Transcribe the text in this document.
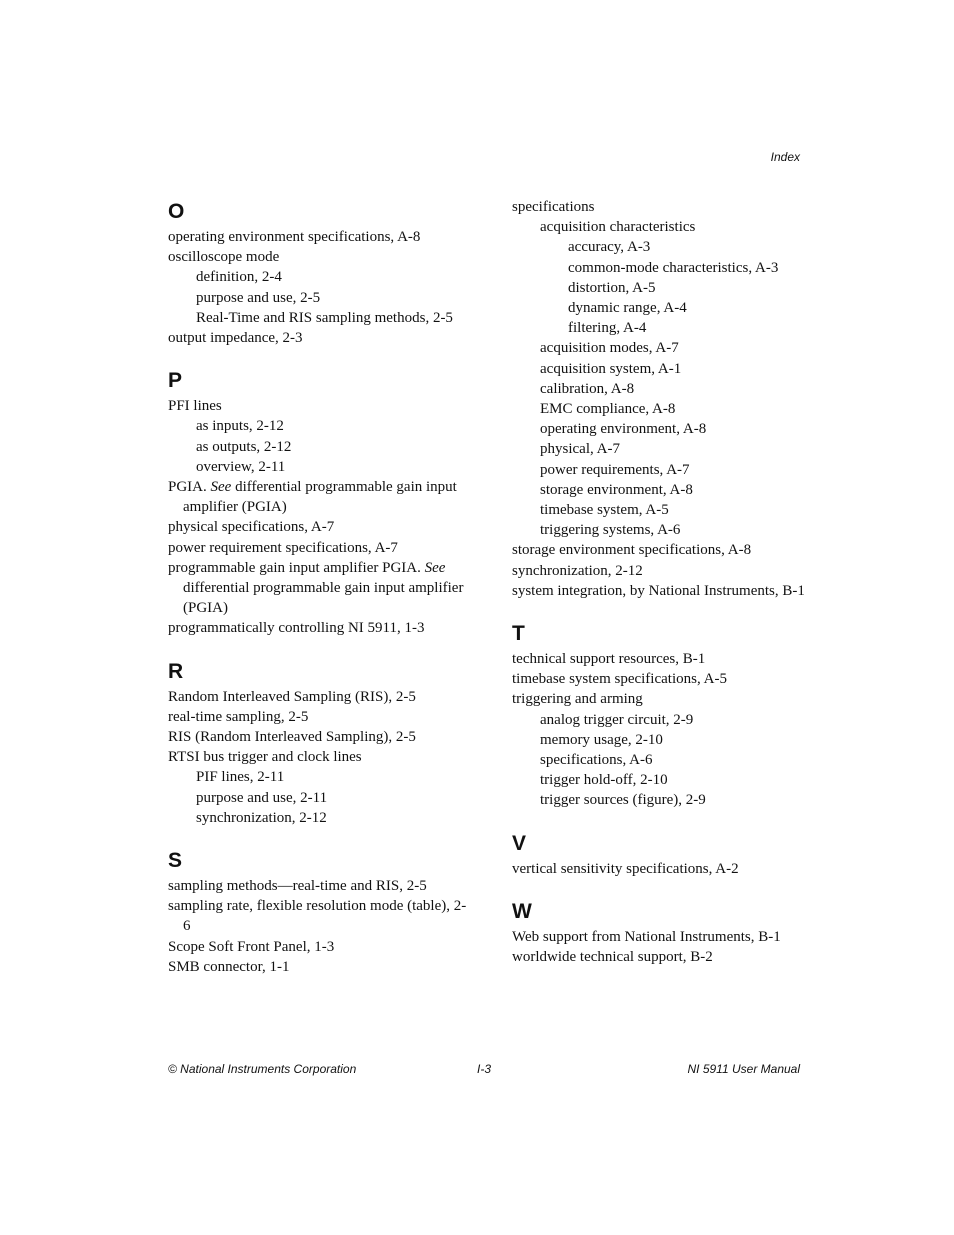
Index
O
operating environment specifications, A-8
oscilloscope mode
definition, 2-4
purpose and use, 2-5
Real-Time and RIS sampling methods, 2-5
output impedance, 2-3
P
PFI lines
as inputs, 2-12
as outputs, 2-12
overview, 2-11
PGIA. See differential programmable gain input amplifier (PGIA)
physical specifications, A-7
power requirement specifications, A-7
programmable gain input amplifier PGIA. See differential programmable gain input amplifier (PGIA)
programmatically controlling NI 5911, 1-3
R
Random Interleaved Sampling (RIS), 2-5
real-time sampling, 2-5
RIS (Random Interleaved Sampling), 2-5
RTSI bus trigger and clock lines
PIF lines, 2-11
purpose and use, 2-11
synchronization, 2-12
S
sampling methods—real-time and RIS, 2-5
sampling rate, flexible resolution mode (table), 2-6
Scope Soft Front Panel, 1-3
SMB connector, 1-1
specifications
acquisition characteristics
accuracy, A-3
common-mode characteristics, A-3
distortion, A-5
dynamic range, A-4
filtering, A-4
acquisition modes, A-7
acquisition system, A-1
calibration, A-8
EMC compliance, A-8
operating environment, A-8
physical, A-7
power requirements, A-7
storage environment, A-8
timebase system, A-5
triggering systems, A-6
storage environment specifications, A-8
synchronization, 2-12
system integration, by National Instruments, B-1
T
technical support resources, B-1
timebase system specifications, A-5
triggering and arming
analog trigger circuit, 2-9
memory usage, 2-10
specifications, A-6
trigger hold-off, 2-10
trigger sources (figure), 2-9
V
vertical sensitivity specifications, A-2
W
Web support from National Instruments, B-1
worldwide technical support, B-2
© National Instruments Corporation	I-3	NI 5911 User Manual
